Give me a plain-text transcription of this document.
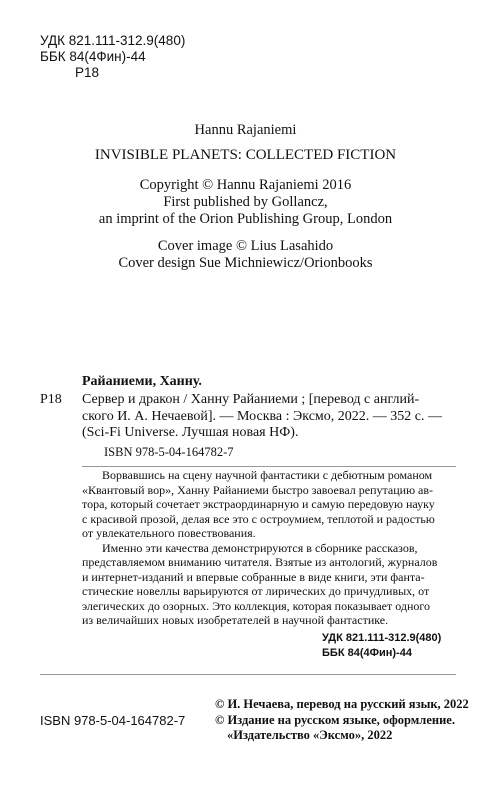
УДК 821.111-312.9(480)
ББК 84(4Фин)-44
Р18
Hannu Rajaniemi
INVISIBLE PLANETS: COLLECTED FICTION
Copyright © Hannu Rajaniemi 2016
First published by Gollancz,
an imprint of the Orion Publishing Group, London
Cover image © Lius Lasahido
Cover design Sue Michniewicz/Orionbooks
Райаниеми, Ханну.
Р18 Сервер и дракон / Ханну Райаниеми ; [перевод с англий-
ского И. А. Нечаевой]. — Москва : Эксмо, 2022. — 352 с. —
(Sci-Fi Universe. Лучшая новая НФ).
ISBN 978-5-04-164782-7
Ворвавшись на сцену научной фантастики с дебютным романом
«Квантовый вор», Ханну Райаниеми быстро завоевал репутацию ав-
тора, который сочетает экстраординарную и самую передовую науку
с красивой прозой, делая все это с остроумием, теплотой и радостью
от увлекательного повествования.
Именно эти качества демонстрируются в сборнике рассказов,
представляемом вниманию читателя. Взятые из антологий, журналов
и интернет-изданий и впервые собранные в виде книги, эти фанта-
стические новеллы варьируются от лирических до причудливых, от
элегических до озорных. Это коллекция, которая показывает одного
из величайших новых изобретателей в научной фантастике.
УДК 821.111-312.9(480)
ББК 84(4Фин)-44
ISBN 978-5-04-164782-7
© И. Нечаева, перевод на русский язык, 2022
© Издание на русском языке, оформление.
«Издательство «Эксмо», 2022
